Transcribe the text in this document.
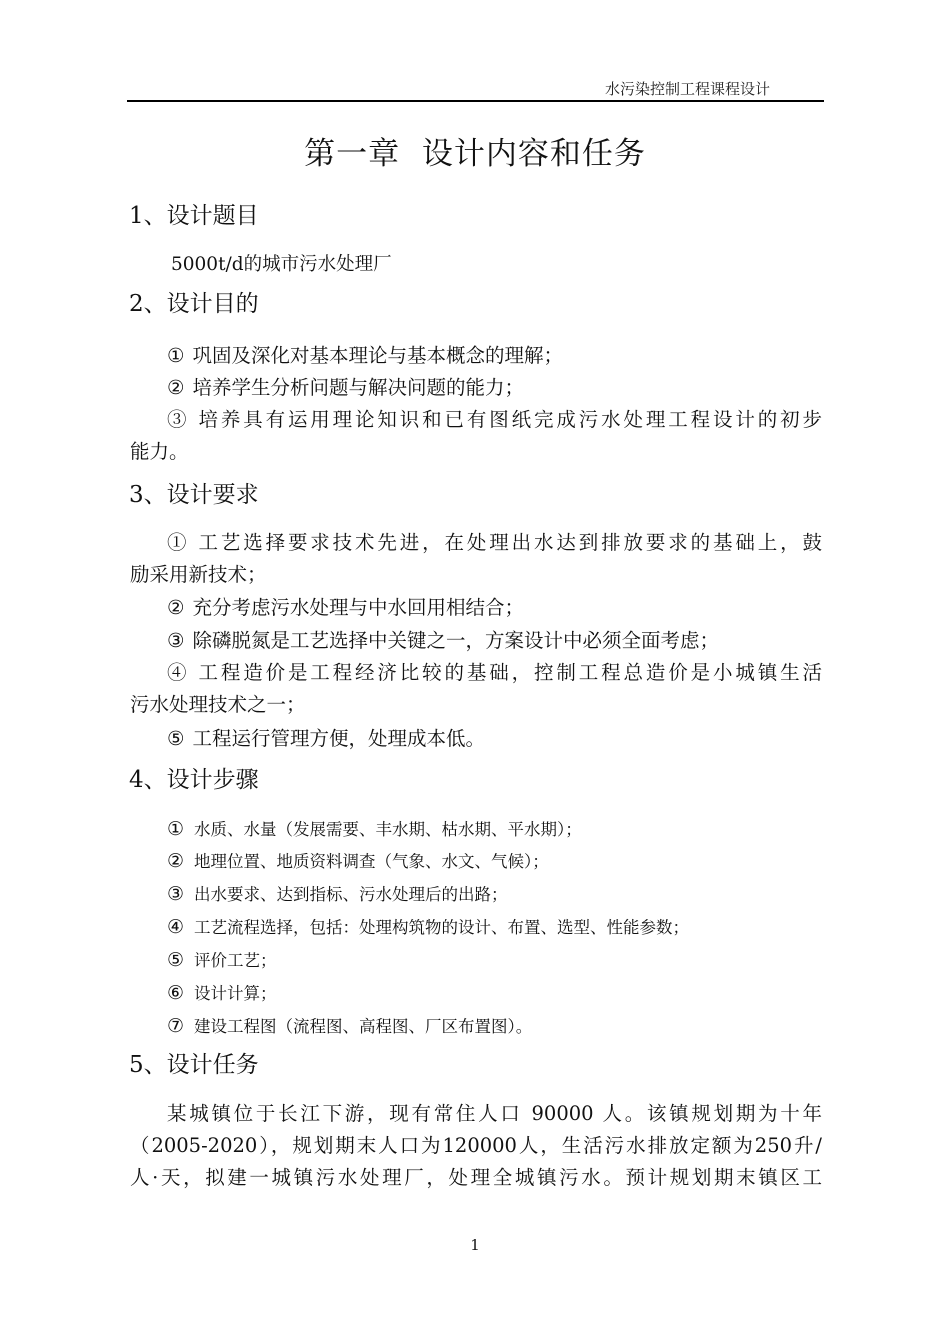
水污染控制工程课程设计
第一章  设计内容和任务
1、设计题目
5000t/d的城市污水处理厂
2、设计目的
① 巩固及深化对基本理论与基本概念的理解；
② 培养学生分析问题与解决问题的能力；
③ 培养具有运用理论知识和已有图纸完成污水处理工程设计的初步
能力。
3、设计要求
① 工艺选择要求技术先进，在处理出水达到排放要求的基础上，鼓
励采用新技术；
② 充分考虑污水处理与中水回用相结合；
③ 除磷脱氮是工艺选择中关键之一，方案设计中必须全面考虑；
④ 工程造价是工程经济比较的基础，控制工程总造价是小城镇生活
污水处理技术之一；
⑤ 工程运行管理方便，处理成本低。
4、设计步骤
① 水质、水量（发展需要、丰水期、枯水期、平水期）；
② 地理位置、地质资料调查（气象、水文、气候）；
③ 出水要求、达到指标、污水处理后的出路；
④ 工艺流程选择，包括：处理构筑物的设计、布置、选型、性能参数；
⑤ 评价工艺；
⑥ 设计计算；
⑦ 建设工程图（流程图、高程图、厂区布置图）。
5、设计任务
某城镇位于长江下游，现有常住人口 90000 人。该镇规划期为十年
（2005-2020），规划期末人口为120000人，生活污水排放定额为250升/
人·天，拟建一城镇污水处理厂，处理全城镇污水。预计规划期末镇区工
1
